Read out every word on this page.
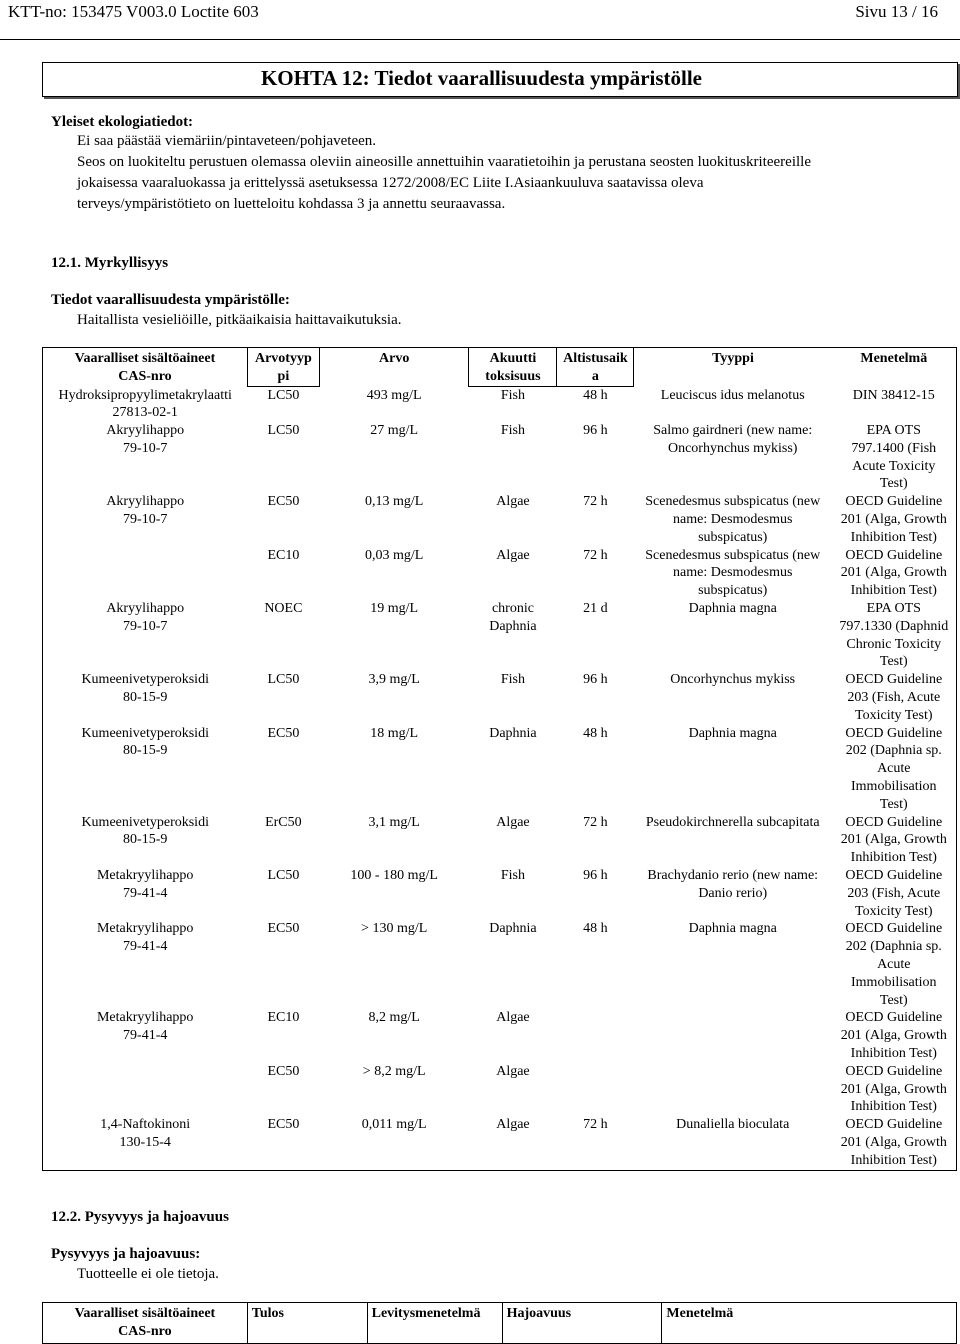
KTT-no: 153475 V003.0 Loctite 603	Sivu 13 / 16
KOHTA 12: Tiedot vaarallisuudesta ympäristölle
Yleiset ekologiatiedot:
Ei saa päästää viemäriin/pintaveteen/pohjaveteen.
Seos on luokiteltu perustuen olemassa oleviin aineosille annettuihin vaaratietoihin ja perustana seosten luokituskriteereille
jokaisessa vaaraluokassa ja erittelyssä asetuksessa 1272/2008/EC Liite I.Asiaankuuluva saatavissa oleva
terveys/ympäristötieto on luetteloitu kohdassa 3 ja annettu seuraavassa.
12.1. Myrkyllisyys
Tiedot vaarallisuudesta ympäristölle:
Haitallista vesieliöille, pitkäaikaisia haittavaikutuksia.
Vaaralliset sisältöaineet
CAS-nro	Arvotyyp
pi	Arvo	Akuutti
toksisuus	Altistusaik
a	Tyyppi	Menetelmä
Hydroksipropyylimetakrylaatti
27813-02-1	LC50	493 mg/L	Fish	48 h	Leuciscus idus melanotus	DIN 38412-15
Akryylihappo
79-10-7	LC50	27 mg/L	Fish	96 h	Salmo gairdneri (new name:
Oncorhynchus mykiss)	EPA OTS
797.1400 (Fish
Acute Toxicity
Test)
Akryylihappo
79-10-7	EC50	0,13 mg/L	Algae	72 h	Scenedesmus subspicatus (new
name: Desmodesmus
subspicatus)	OECD Guideline
201 (Alga, Growth
Inhibition Test)
	EC10	0,03 mg/L	Algae	72 h	Scenedesmus subspicatus (new
name: Desmodesmus
subspicatus)	OECD Guideline
201 (Alga, Growth
Inhibition Test)
Akryylihappo
79-10-7	NOEC	19 mg/L	chronic
Daphnia	21 d	Daphnia magna	EPA OTS
797.1330 (Daphnid
Chronic Toxicity
Test)
Kumeenivetyperoksidi
80-15-9	LC50	3,9 mg/L	Fish	96 h	Oncorhynchus mykiss	OECD Guideline
203 (Fish, Acute
Toxicity Test)
Kumeenivetyperoksidi
80-15-9	EC50	18 mg/L	Daphnia	48 h	Daphnia magna	OECD Guideline
202 (Daphnia sp.
Acute
Immobilisation
Test)
Kumeenivetyperoksidi
80-15-9	ErC50	3,1 mg/L	Algae	72 h	Pseudokirchnerella subcapitata	OECD Guideline
201 (Alga, Growth
Inhibition Test)
Metakryylihappo
79-41-4	LC50	100 - 180 mg/L	Fish	96 h	Brachydanio rerio (new name:
Danio rerio)	OECD Guideline
203 (Fish, Acute
Toxicity Test)
Metakryylihappo
79-41-4	EC50	> 130 mg/L	Daphnia	48 h	Daphnia magna	OECD Guideline
202 (Daphnia sp.
Acute
Immobilisation
Test)
Metakryylihappo
79-41-4	EC10	8,2 mg/L	Algae			OECD Guideline
201 (Alga, Growth
Inhibition Test)
	EC50	> 8,2 mg/L	Algae			OECD Guideline
201 (Alga, Growth
Inhibition Test)
1,4-Naftokinoni
130-15-4	EC50	0,011 mg/L	Algae	72 h	Dunaliella bioculata	OECD Guideline
201 (Alga, Growth
Inhibition Test)
12.2. Pysyvyys ja hajoavuus
Pysyvyys ja hajoavuus:
Tuotteelle ei ole tietoja.
Vaaralliset sisältöaineet
CAS-nro	Tulos	Levitysmenetelmä	Hajoavuus	Menetelmä
